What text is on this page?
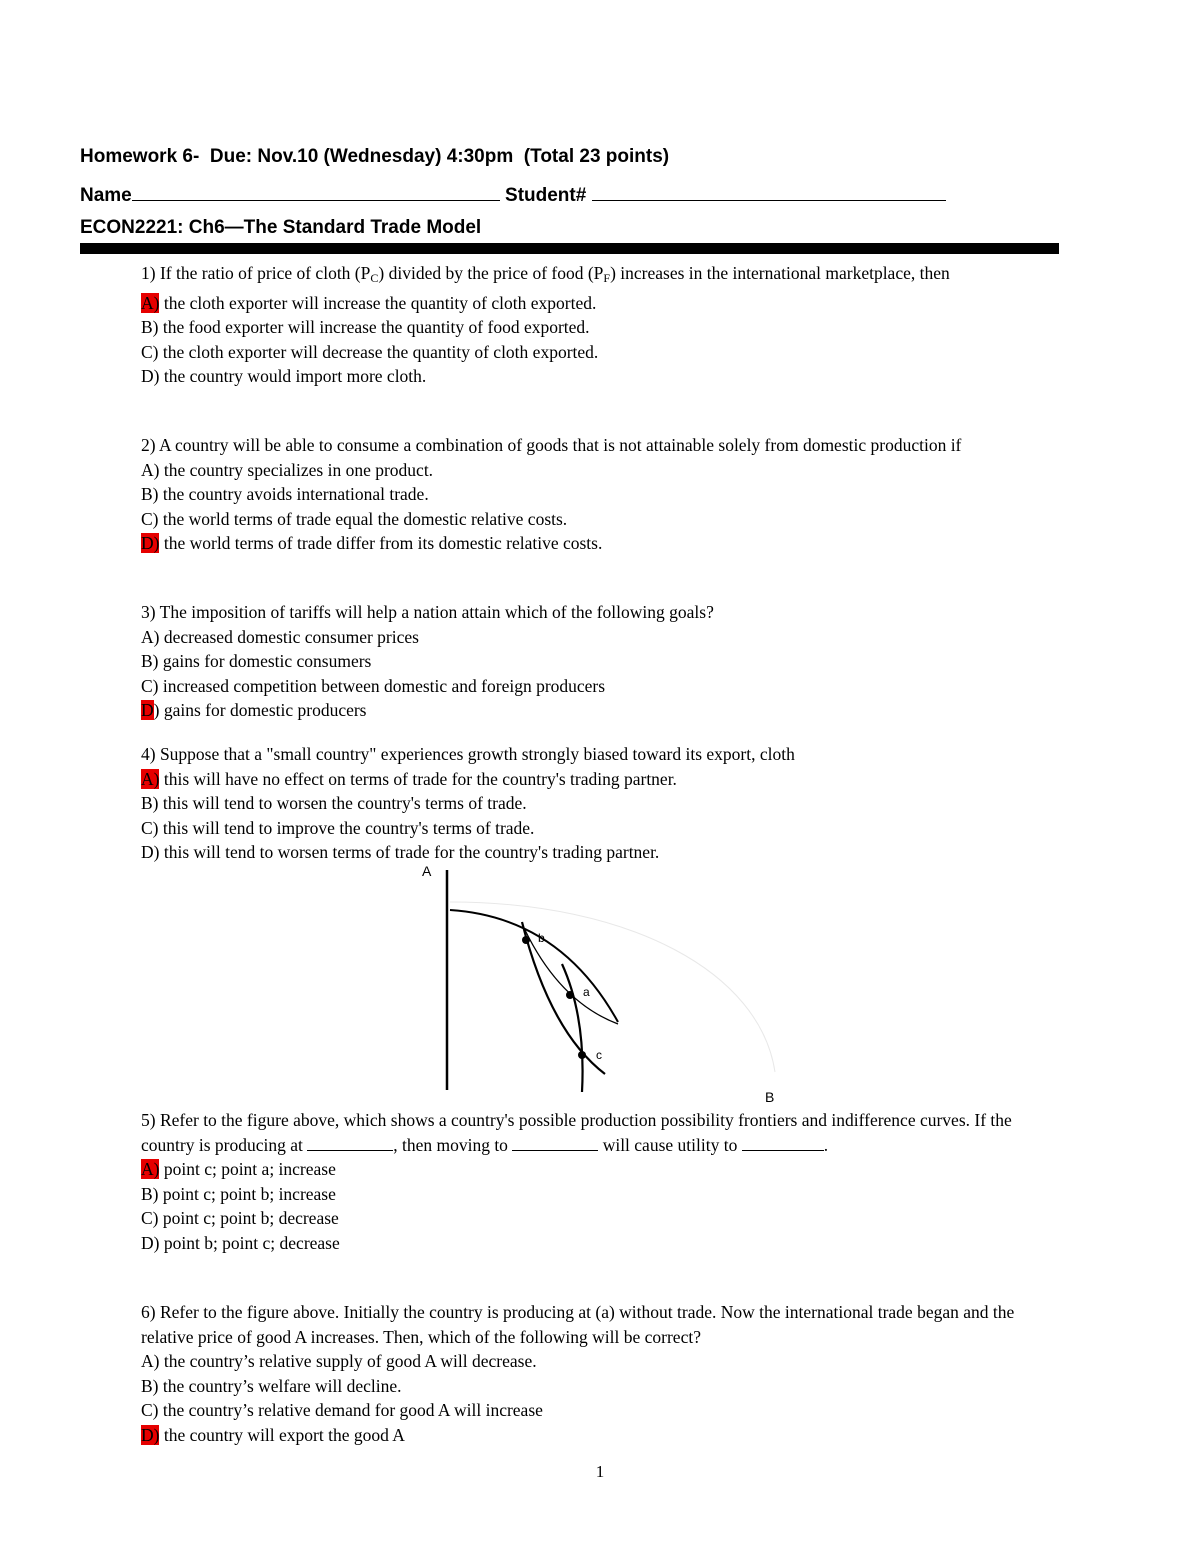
Homework 6-  Due: Nov.10 (Wednesday) 4:30pm  (Total 23 points)
Name	Student#
ECON2221: Ch6—The Standard Trade Model

1) If the ratio of price of cloth $(P_C)$ divided by the price of food $(P_F)$ increases in the international marketplace, then

A) the cloth exporter will increase the quantity of cloth exported.

B) the food exporter will increase the quantity of food exported.

C) the cloth exporter will decrease the quantity of cloth exported.

D) the country would import more cloth.

2) A country will be able to consume a combination of goods that is not attainable solely from domestic production if

A) the country specializes in one product.

B) the country avoids international trade.

C) the world terms of trade equal the domestic relative costs.

D) the world terms of trade differ from its domestic relative costs.

3) The imposition of tariffs will help a nation attain which of the following goals?

A) decreased domestic consumer prices

B) gains for domestic consumers

C) increased competition between domestic and foreign producers

D) gains for domestic producers

4) Suppose that a "small country" experiences growth strongly biased toward its export, cloth

A) this will have no effect on terms of trade for the country's trading partner.

B) this will tend to worsen the country's terms of trade.

C) this will tend to improve the country's terms of trade.

D) this will tend to worsen terms of trade for the country's trading partner.

A
B
b
a
c

5) Refer to the figure above, which shows a country's possible production possibility frontiers and indifference curves. If the country is producing at	, then moving to	will cause utility to	.

A) point c; point a; increase

B) point c; point b; increase

C) point c; point b; decrease

D) point b; point c; decrease

6) Refer to the figure above. Initially the country is producing at (a) without trade. Now the international trade began and the relative price of good A increases. Then, which of the following will be correct?

A) the country’s relative supply of good A will decrease.

B) the country’s welfare will decline.

C) the country’s relative demand for good A will increase

D) the country will export the good A

1
